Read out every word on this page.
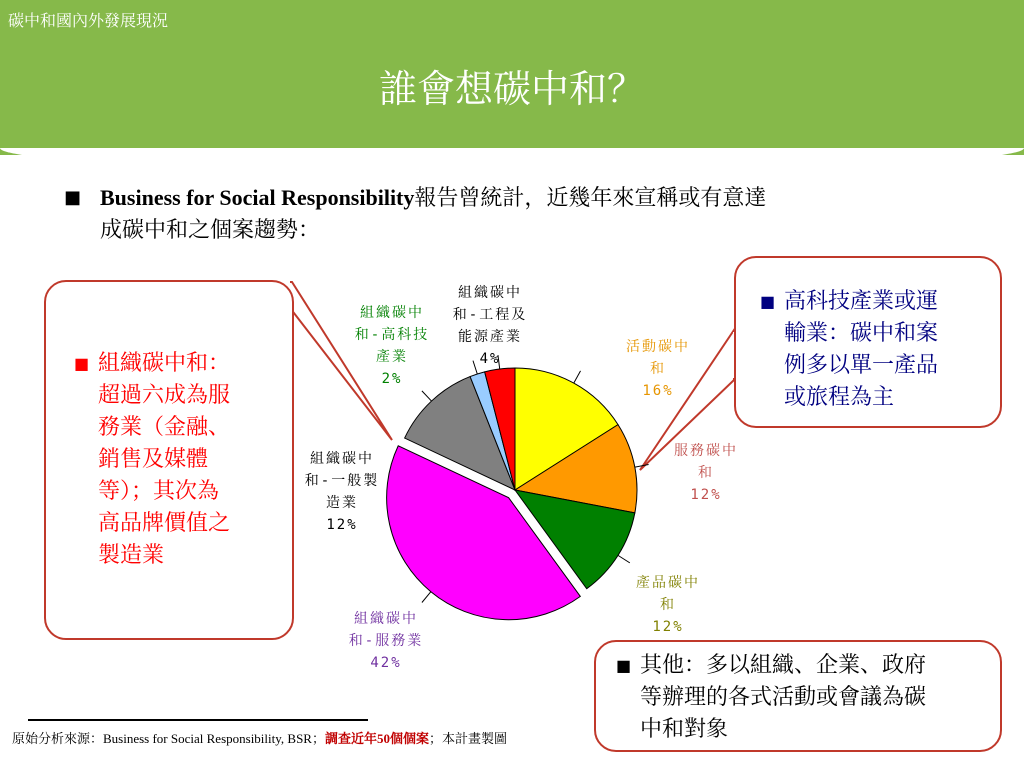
碳中和國內外發展現況
誰會想碳中和？
■ Business for Social Responsibility報告曾統計，近幾年來宣稱或有意達
成碳中和之個案趨勢：
■ 組織碳中和：
超過六成為服
務業（金融、
銷售及媒體
等）；其次為
高品牌價值之
製造業
■ 高科技產業或運
輸業：碳中和案
例多以單一產品
或旅程為主
■ 其他：多以組織、企業、政府
等辦理的各式活動或會議為碳
中和對象
活動碳中
和
16%
服務碳中
和
12%
產品碳中
和
12%
組織碳中
和-服務業
42%
組織碳中
和-一般製
造業
12%
組織碳中
和-高科技
產業
2%
組織碳中
和-工程及
能源產業
4%
原始分析來源：Business for Social Responsibility, BSR；調查近年50個個案；本計畫製圖
